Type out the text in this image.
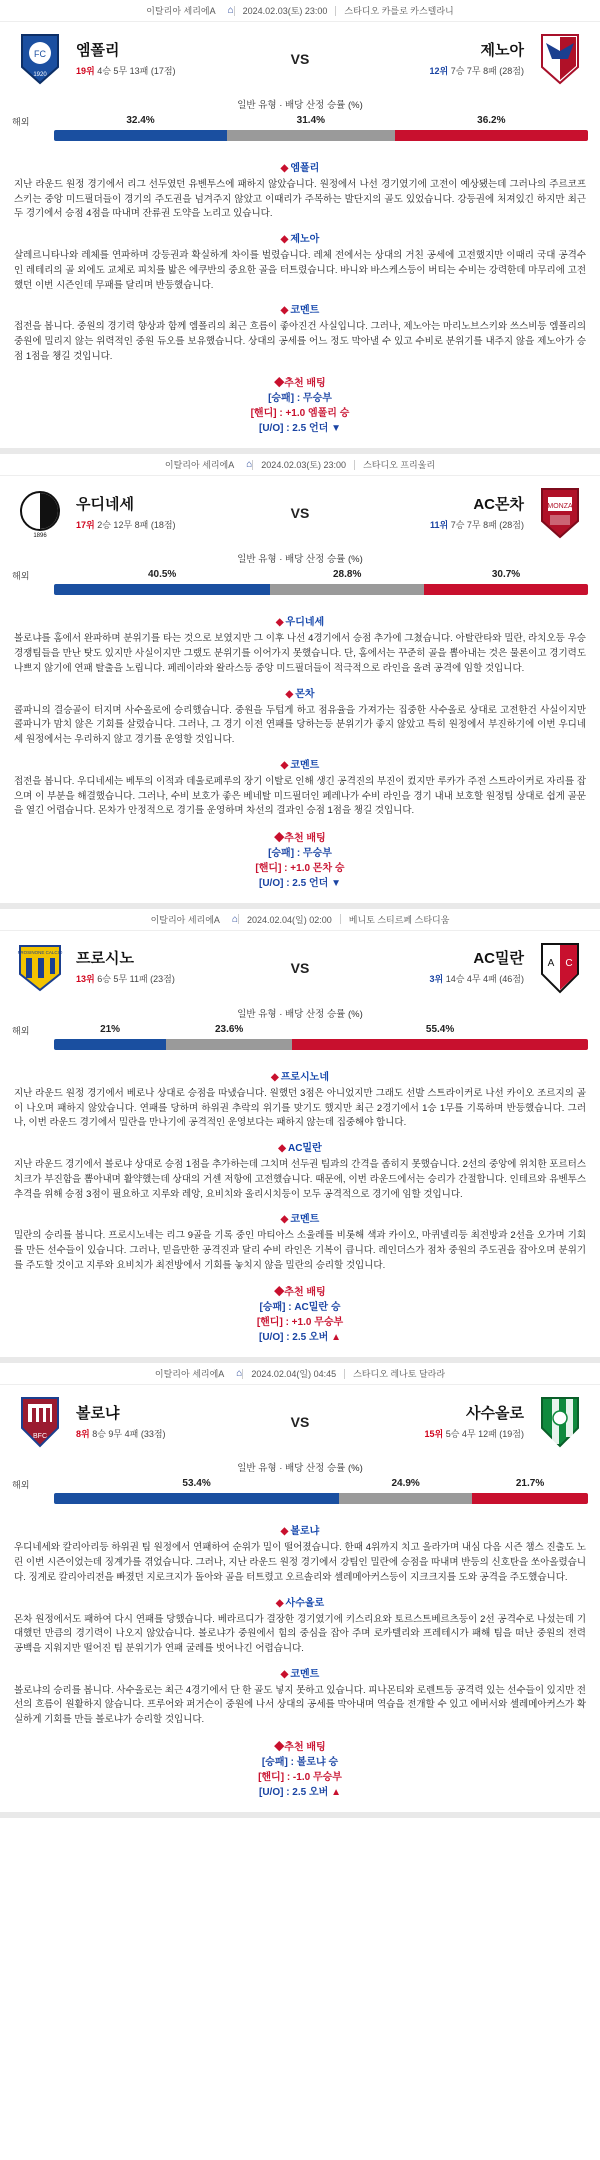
이탈리아 세리에A	⌂	2024.02.03(토) 23:00	스타디오 카를로 카스텔라니
FC
1920
엠폴리
19위 4승 5무 13패 (17점)
VS
제노아
12위 7승 7무 8패 (28점)
일반 유형 · 배당 산정 승률 (%)
해외	32.4%	31.4%	36.2%
◆ 엠폴리
지난 라운드 원정 경기에서 리그 선두였던 유벤투스에 패하지 않았습니다. 원정에서 나선 경기였기에 고전이 예상됐는데 그러나의 주르코프스키는 중앙 미드필더들이 경기의 주도권을 넘겨주지 않았고 이때리가 주목하는 발단지의 골도 있었습니다. 강등권에 처져있긴 하지만 최근 두 경기에서 승점 4점을 따내며 잔류권 도약을 노리고 있습니다.
◆ 제노아
살레르니타나와 레체를 연파하며 강등권과 확실하게 차이를 벌렸습니다. 레체 전에서는 상대의 거친 공세에 고전했지만 이때리 국대 공격수인 레테리의 골 외에도 교체로 피치를 밟은 에쿠반의 중요한 골을 터트렸습니다. 바니와 바스케스등이 버티는 수비는 강력한데 마무리에 고전했던 이번 시즌인데 무패를 달리며 반등했습니다.
◆ 코멘트
접전을 봅니다. 중원의 경기력 향상과 함께 엠폴리의 최근 흐름이 좋아진건 사실입니다. 그러나, 제노아는 마리노브스키와 쓰스비등 엠폴리의 중원에 밀리지 않는 위력적인 중원 듀오를 보유했습니다. 상대의 공세를 어느 정도 막아낼 수 있고 수비로 분위기를 내주지 않을 제노아가 승점 1점을 챙길 것입니다.
◆추천 배팅
[승패] : 무승부
[핸디] : +1.0 엠폴리 승
[U/O] : 2.5 언더 ▼
이탈리아 세리에A	⌂	2024.02.03(토) 23:00	스타디오 프리울리
1896
우디네세
17위 2승 12무 8패 (18점)
VS	MONZA
AC몬차
11위 7승 7무 8패 (28점)
일반 유형 · 배당 산정 승률 (%)
해외	40.5%	28.8%	30.7%
◆ 우디네세
볼로냐를 홈에서 완파하며 분위기를 타는 것으로 보였지만 그 이후 나선 4경기에서 승점 추가에 그쳤습니다. 아탈란타와 밀란, 라치오등 우승 경쟁팀들을 만난 탓도 있지만 사실이지만 그랬도 분위기를 이어가지 못했습니다. 단, 홈에서는 꾸준히 골을 뽑아내는 것은 물론이고 경기력도 나쁘지 않기에 연패 탈출을 노립니다. 페레이라와 왈라스등 중앙 미드필더들이 적극적으로 라인을 올려 공격에 임할 것입니다.
◆ 몬차
콜파니의 결승골이 터지며 사수올로에 승리했습니다. 중원을 두텁게 하고 점유율을 가져가는 집중한 사수올로 상대로 고전한건 사실이지만 콜파니가 맘치 않은 기회를 살렸습니다. 그러나, 그 경기 이전 연패를 당하는등 분위기가 좋지 않았고 특히 원정에서 부진하기에 이번 우디네세 원정에서는 우리하지 않고 경기를 운영할 것입니다.
◆ 코멘트
접전을 봅니다. 우디네세는 베투의 이적과 데울로페루의 장기 이탈로 인해 생긴 공격진의 부진이 컸지만 루카가 주전 스트라이커로 자리를 잡으며 이 부분을 해결했습니다. 그러나, 수비 보호가 좋은 베네탈 미드필더인 페레나가 수비 라인을 경기 내내 보호할 원정팀 상대로 쉽게 골문을 열긴 어렵습니다. 몬차가 안정적으로 경기를 운영하며 차선의 결과인 승점 1점을 챙길 것입니다.
◆추천 배팅
[승패] : 무승부
[핸디] : +1.0 몬차 승
[U/O] : 2.5 언더 ▼
이탈리아 세리에A	⌂	2024.02.04(일) 02:00	베니토 스티르페 스타디움
FROSINONE CALCIO 프로시노
13위 6승 5무 11패 (23점)
VS	A C
AC밀란
3위 14승 4무 4패 (46점)
일반 유형 · 배당 산정 승률 (%)
해외	21%	23.6%	55.4%
◆ 프로시노네
지난 라운드 원정 경기에서 베로나 상대로 승점을 따냈습니다. 원했던 3점은 아니었지만 그래도 선발 스트라이커로 나선 카이오 조르지의 골이 나오며 패하지 않았습니다. 연패를 당하며 하위권 추락의 위기를 맞기도 했지만 최근 2경기에서 1승 1무를 기록하며 반등했습니다. 그러나, 이번 라운드 경기에서 밀란을 만나기에 공격적인 운영보다는 패하지 않는데 집중해야 합니다.
◆ AC밀란
지난 라운드 경기에서 볼로냐 상대로 승점 1점을 추가하는데 그치며 선두권 팀과의 간격을 좁히지 못했습니다. 2선의 중앙에 위치한 포르터스치크가 부진함을 뽐아내며 활약했는데 상대의 거센 저항에 고전했습니다. 때문에, 이번 라운드에서는 승리가 간절합니다. 인테르와 유벤투스 추격을 위해 승점 3점이 필요하고 지루와 레앙, 요비치와 올리시치등이 모두 공격적으로 경기에 임할 것입니다.
◆ 코멘트
밀란의 승리를 봅니다. 프로시노네는 리그 9골을 기록 중인 마티아스 소울레를 비롯해 색과 카이오, 마퀴넬리등 최전방과 2선을 오가며 기회를 만든 선수들이 있습니다. 그러나, 믿을만한 공격진과 달리 수비 라인은 기복이 큽니다. 레인더스가 점차 중원의 주도권을 잡아오며 분위기를 주도할 것이고 지루와 요비치가 최전방에서 기회를 놓치지 않을 밀란의 승리할 것입니다.
◆추천 배팅
[승패] : AC밀란 승
[핸디] : +1.0 무승부
[U/O] : 2.5 오버 ▲
이탈리아 세리에A	⌂	2024.02.04(일) 04:45	스타디오 레나토 달라라
BFC
볼로냐
8위 8승 9무 4패 (33점)
VS
사수올로
15위 5승 4무 12패 (19점)
일반 유형 · 배당 산정 승률 (%)
해외	53.4%	24.9%	21.7%
◆ 볼로냐
우디네세와 칼리아리등 하위권 팀 원정에서 연패하여 순위가 밀이 떨어졌습니다. 한때 4위까지 치고 올라가며 내심 다음 시즌 챔스 진출도 노린 이번 시즌이었는데 징계가를 겪었습니다. 그러나, 지난 라운드 원정 경기에서 강팀인 밀란에 승점을 따내며 반등의 신호탄을 쏘아올렸습니다. 징계로 칼리아리전을 빠졌던 지로크지가 돌아와 골을 터트렸고 오르솔리와 셀레메아커스등이 지크크지를 도와 공격을 주도했습니다.
◆ 사수올로
몬차 원정에서도 패하여 다시 연패를 당했습니다. 베라르디가 결장한 경기였기에 키스리요와 토르스트베르츠등이 2선 공격수로 나섰는데 기대했던 만큼의 경기력이 나오지 않았습니다. 볼로냐가 중원에서 힘의 중심을 잡아 주며 로카텔리와 프레테시가 패해 팀을 떠난 중원의 전력 공백을 지워지만 떨어진 팀 분위기가 연패 굴레를 벗어나긴 어렵습니다.
◆ 코멘트
볼로냐의 승리를 봅니다. 사수올로는 최근 4경기에서 단 한 골도 넣지 못하고 있습니다. 피나몬티와 로렌트등 공격력 있는 선수들이 있지만 전선의 흐름이 원활하지 않습니다. 프루어와 퍼거슨이 중원에 나서 상대의 공세를 막아내며 역습을 전개할 수 있고 에버서와 셀레메아커스가 확실하게 기회를 만들 볼로냐가 승리할 것입니다.
◆추천 배팅
[승패] : 볼로냐 승
[핸디] : -1.0 무승부
[U/O] : 2.5 오버 ▲
